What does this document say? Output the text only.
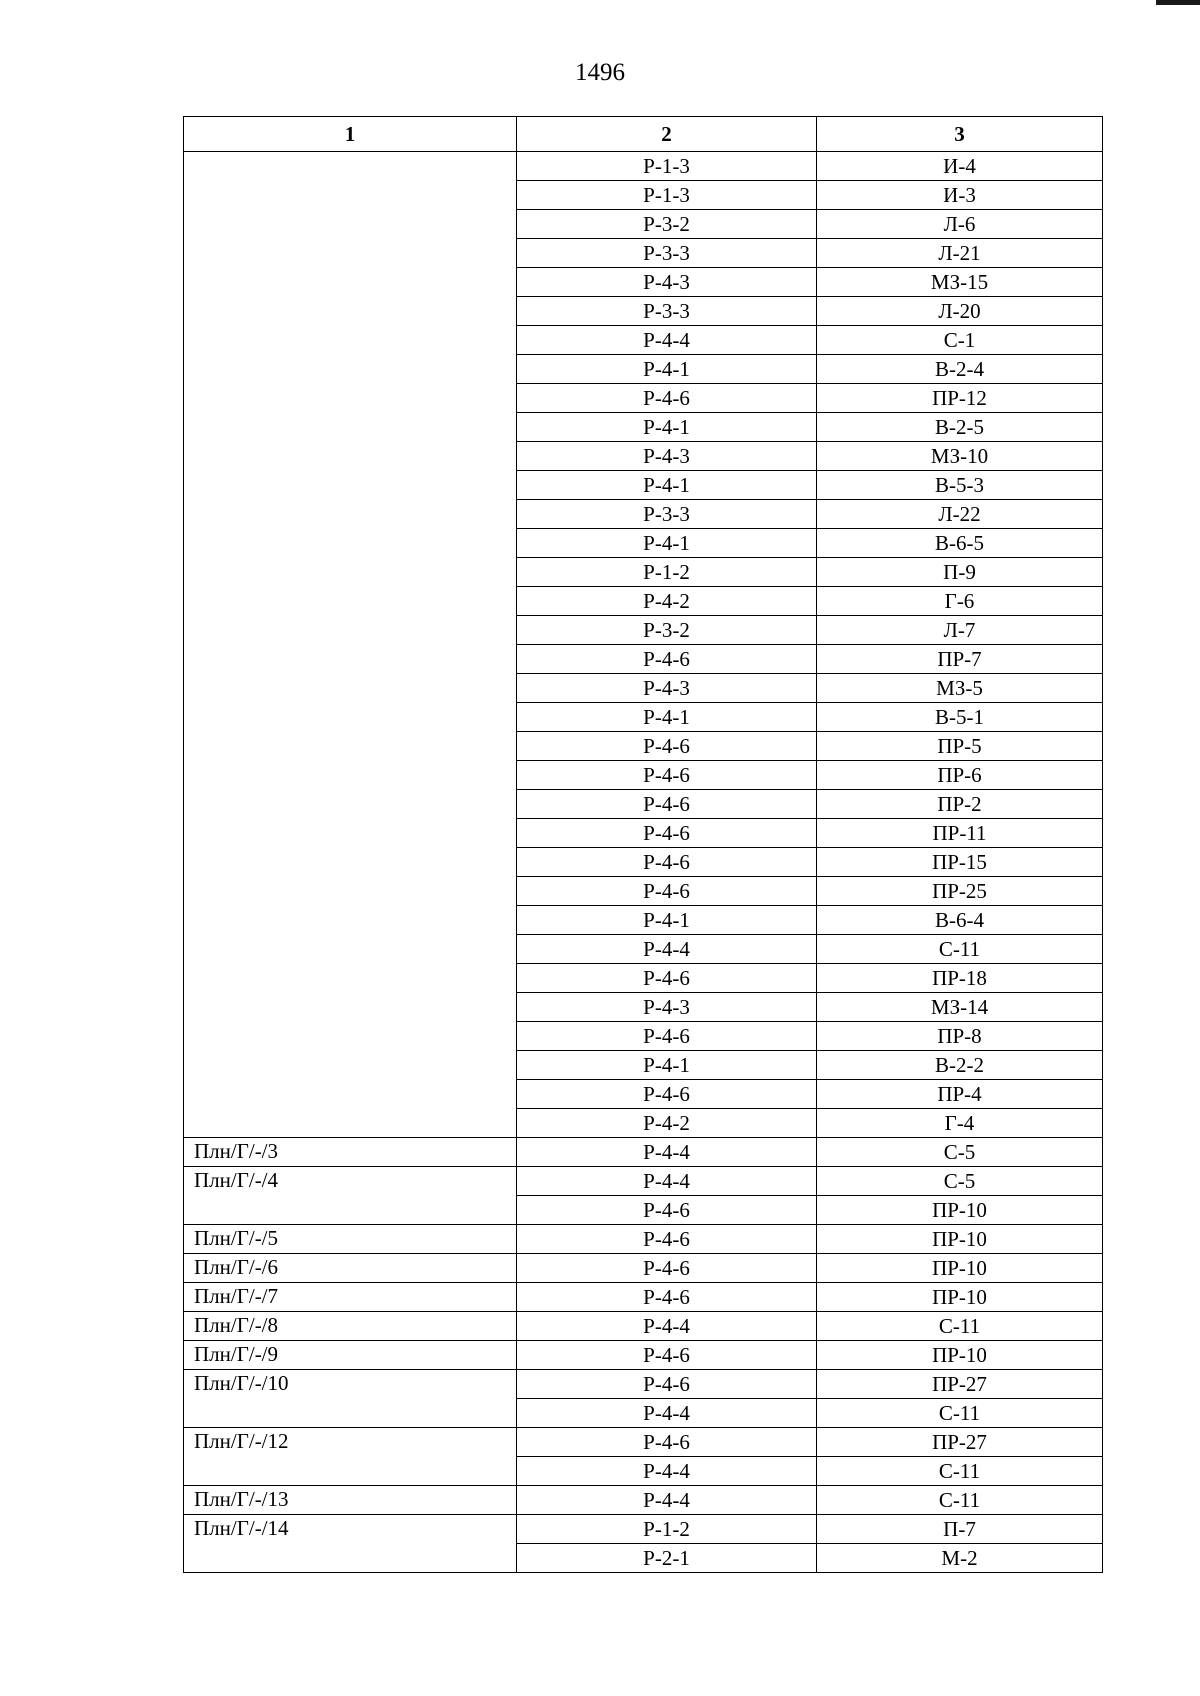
1496
1	2	3
	Р-1-3	И-4
	Р-1-3	И-3
	Р-3-2	Л-6
	Р-3-3	Л-21
	Р-4-3	МЗ-15
	Р-3-3	Л-20
	Р-4-4	С-1
	Р-4-1	В-2-4
	Р-4-6	ПР-12
	Р-4-1	В-2-5
	Р-4-3	МЗ-10
	Р-4-1	В-5-3
	Р-3-3	Л-22
	Р-4-1	В-6-5
	Р-1-2	П-9
	Р-4-2	Г-6
	Р-3-2	Л-7
	Р-4-6	ПР-7
	Р-4-3	МЗ-5
	Р-4-1	В-5-1
	Р-4-6	ПР-5
	Р-4-6	ПР-6
	Р-4-6	ПР-2
	Р-4-6	ПР-11
	Р-4-6	ПР-15
	Р-4-6	ПР-25
	Р-4-1	В-6-4
	Р-4-4	С-11
	Р-4-6	ПР-18
	Р-4-3	МЗ-14
	Р-4-6	ПР-8
	Р-4-1	В-2-2
	Р-4-6	ПР-4
	Р-4-2	Г-4
Плн/Г/-/3	Р-4-4	С-5
Плн/Г/-/4	Р-4-4	С-5
	Р-4-6	ПР-10
Плн/Г/-/5	Р-4-6	ПР-10
Плн/Г/-/6	Р-4-6	ПР-10
Плн/Г/-/7	Р-4-6	ПР-10
Плн/Г/-/8	Р-4-4	С-11
Плн/Г/-/9	Р-4-6	ПР-10
Плн/Г/-/10	Р-4-6	ПР-27
	Р-4-4	С-11
Плн/Г/-/12	Р-4-6	ПР-27
	Р-4-4	С-11
Плн/Г/-/13	Р-4-4	С-11
Плн/Г/-/14	Р-1-2	П-7
	Р-2-1	М-2
